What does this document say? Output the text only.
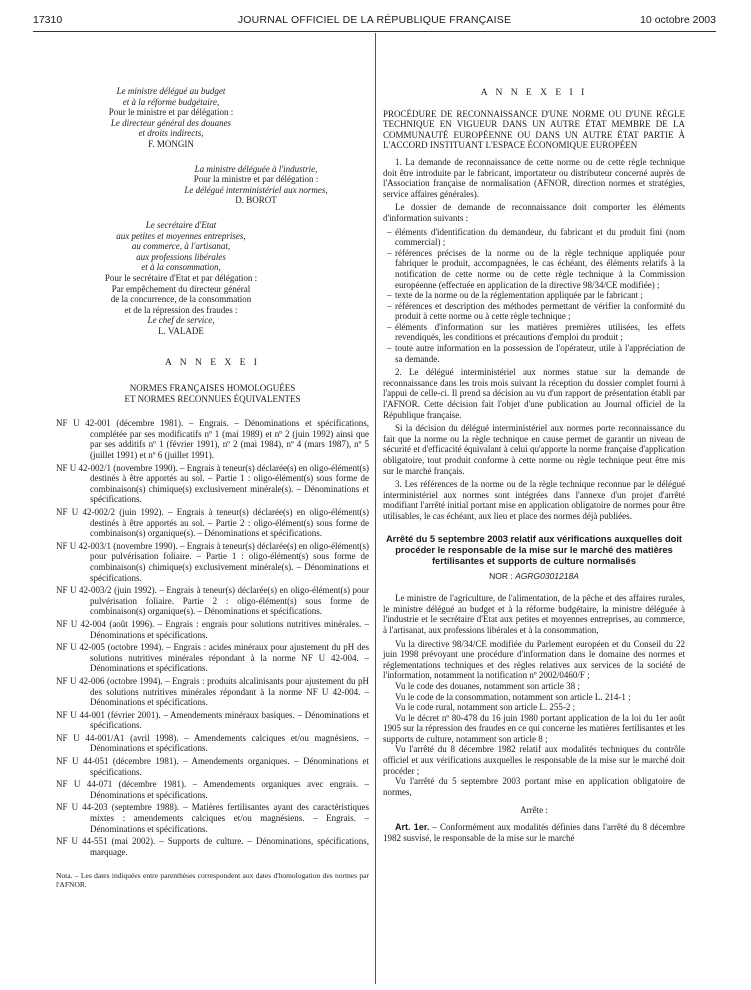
17310	JOURNAL OFFICIEL DE LA RÉPUBLIQUE FRANÇAISE	10 octobre 2003

Le ministre délégué au budget

et à la réforme budgétaire,

Pour le ministre et par délégation :

Le directeur général des douanes

et droits indirects,

F. MONGIN

La ministre déléguée à l'industrie,

Pour la ministre et par délégation :

Le délégué interministériel aux normes,

D. BOROT

Le secrétaire d'Etat

aux petites et moyennes entreprises,

au commerce, à l'artisanat,

aux professions libérales

et à la consommation,

Pour le secrétaire d'Etat et par délégation :

Par empêchement du directeur général

de la concurrence, de la consommation

et de la répression des fraudes :

Le chef de service,

L. VALADE

A N N E X E I
NORMES FRANÇAISES HOMOLOGUÉES
ET NORMES RECONNUES ÉQUIVALENTES

NF U 42-001 (décembre 1981). – Engrais. – Dénominations et spécifications, complétée par ses modificatifs nº 1 (mai 1989) et nº 2 (juin 1992) ainsi que par ses additifs nº 1 (février 1991), nº 2 (mai 1984), nº 4 (mars 1987), nº 5 (juillet 1991) et nº 6 (juillet 1991).

NF U 42-002/1 (novembre 1990). – Engrais à teneur(s) déclarée(s) en oligo-élément(s) destinés à être apportés au sol. – Partie 1 : oligo-élément(s) sous forme de combinaison(s) chimique(s) exclusivement minérale(s). – Dénominations et spécifications.

NF U 42-002/2 (juin 1992). – Engrais à teneur(s) déclarée(s) en oligo-élément(s) destinés à être apportés au sol. – Partie 2 : oligo-élément(s) sous forme de combinaison(s) organique(s). – Dénominations et spécifications.

NF U 42-003/1 (novembre 1990). – Engrais à teneur(s) déclarée(s) en oligo-élément(s) pour pulvérisation foliaire. – Partie 1 : oligo-élément(s) sous forme de combinaison(s) chimique(s) exclusivement minérale(s). – Dénominations et spécifications.

NF U 42-003/2 (juin 1992). – Engrais à teneur(s) déclarée(s) en oligo-élément(s) pour pulvérisation foliaire. Partie 2 : oligo-élément(s) sous forme de combinaison(s) organique(s). – Dénominations et spécifications.

NF U 42-004 (août 1996). – Engrais : engrais pour solutions nutritives minérales. – Dénominations et spécifications.

NF U 42-005 (octobre 1994). – Engrais : acides minéraux pour ajustement du pH des solutions nutritives minérales répondant à la norme NF U 42-004. – Dénominations et spécifications.

NF U 42-006 (octobre 1994). – Engrais : produits alcalinisants pour ajustement du pH des solutions nutritives minérales répondant à la norme NF U 42-004. – Dénominations et spécifications.

NF U 44-001 (février 2001). – Amendements minéraux basiques. – Dénominations et spécifications.

NF U 44-001/A1 (avril 1998). – Amendements calciques et/ou magnésiens. – Dénominations et spécifications.

NF U 44-051 (décembre 1981). – Amendements organiques. – Dénominations et spécifications.

NF U 44-071 (décembre 1981). – Amendements organiques avec engrais. – Dénominations et spécifications.

NF U 44-203 (septembre 1988). – Matières fertilisantes ayant des caractéristiques mixtes : amendements calciques et/ou magnésiens. – Engrais. – Dénominations et spécifications.

NF U 44-551 (mai 2002). – Supports de culture. – Dénominations, spécifications, marquage.

Nota. – Les dates indiquées entre parenthèses correspondent aux dates d'homologation des normes par l'AFNOR.

A N N E X E I I

PROCÉDURE DE RECONNAISSANCE D'UNE NORME OU D'UNE RÈGLE TECHNIQUE EN VIGUEUR DANS UN AUTRE ÉTAT MEMBRE DE LA COMMUNAUTÉ EUROPÉENNE OU DANS UN AUTRE ÉTAT PARTIE À L'ACCORD INSTITUANT L'ESPACE ÉCONOMIQUE EUROPÉEN

1. La demande de reconnaissance de cette norme ou de cette règle technique doit être introduite par le fabricant, importateur ou distributeur concerné auprès de l'Association française de normalisation (AFNOR, direction normes et stratégies, service affaires générales).

Le dossier de demande de reconnaissance doit comporter les éléments d'information suivants :

– éléments d'identification du demandeur, du fabricant et du produit fini (nom commercial) ;

– références précises de la norme ou de la règle technique appliquée pour fabriquer le produit, accompagnées, le cas échéant, des éléments relatifs à la notification de cette norme ou de cette règle technique à la Commission européenne (effectuée en application de la directive 98/34/CE modifiée) ;

– texte de la norme ou de la réglementation appliquée par le fabricant ;

– références et description des méthodes permettant de vérifier la conformité du produit à cette norme ou à cette règle technique ;

– éléments d'information sur les matières premières utilisées, les effets revendiqués, les conditions et précautions d'emploi du produit ;

– toute autre information en la possession de l'opérateur, utile à l'appréciation de sa demande.

2. Le délégué interministériel aux normes statue sur la demande de reconnaissance dans les trois mois suivant la réception du dossier complet fourni à l'appui de celle-ci. Il prend sa décision au vu d'un rapport de présentation établi par l'AFNOR. Cette décision fait l'objet d'une publication au Journal officiel de la République française.

Si la décision du délégué interministériel aux normes porte reconnaissance du fait que la norme ou la règle technique en cause permet de garantir un niveau de sécurité et d'efficacité équivalant à celui qu'apporte la norme française d'application obligatoire, tout produit conforme à cette norme ou règle technique peut être mis sur le marché français.

3. Les références de la norme ou de la règle technique reconnue par le délégué interministériel aux normes sont intégrées dans l'annexe d'un projet d'arrêté modifiant l'arrêté initial portant mise en application obligatoire de normes pour être utilisables, le cas échéant, aux lieu et place des normes déjà publiées.

Arrêté du 5 septembre 2003 relatif aux vérifications auxquelles doit procéder le responsable de la mise sur le marché des matières fertilisantes et supports de culture normalisés
NOR : AGRG0301218A

Le ministre de l'agriculture, de l'alimentation, de la pêche et des affaires rurales, le ministre délégué au budget et à la réforme budgétaire, la ministre déléguée à l'industrie et le secrétaire d'Etat aux petites et moyennes entreprises, au commerce, à l'artisanat, aux professions libérales et à la consommation,

Vu la directive 98/34/CE modifiée du Parlement européen et du Conseil du 22 juin 1998 prévoyant une procédure d'information dans le domaine des normes et réglementations techniques et des règles relatives aux services de la société de l'information, notamment la notification nº 2002/0460/F ;

Vu le code des douanes, notamment son article 38 ;

Vu le code de la consommation, notamment son article L. 214-1 ;

Vu le code rural, notamment son article L. 255-2 ;

Vu le décret nº 80-478 du 16 juin 1980 portant application de la loi du 1er août 1905 sur la répression des fraudes en ce qui concerne les matières fertilisantes et les supports de culture, notamment son article 8 ;

Vu l'arrêté du 8 décembre 1982 relatif aux modalités techniques du contrôle officiel et aux vérifications auxquelles le responsable de la mise sur le marché doit procéder ;

Vu l'arrêté du 5 septembre 2003 portant mise en application obligatoire de normes,

Arrête :

Art. 1er. – Conformément aux modalités définies dans l'arrêté du 8 décembre 1982 susvisé, le responsable de la mise sur le marché
